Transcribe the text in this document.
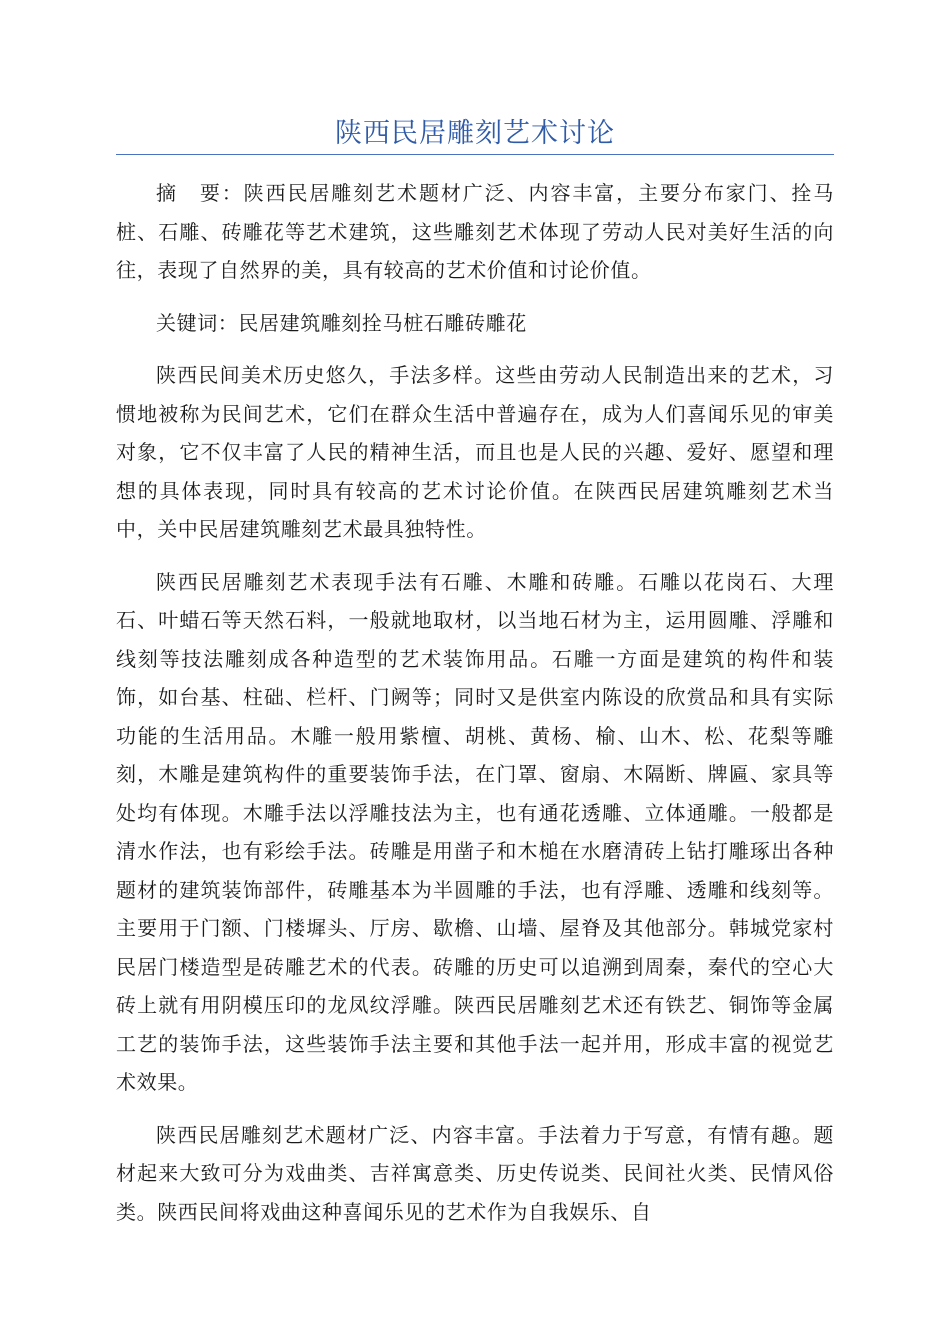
陕西民居雕刻艺术讨论

摘　要：陕西民居雕刻艺术题材广泛、内容丰富，主要分布家门、拴马桩、石雕、砖雕花等艺术建筑，这些雕刻艺术体现了劳动人民对美好生活的向往，表现了自然界的美，具有较高的艺术价值和讨论价值。

关键词：民居建筑雕刻拴马桩石雕砖雕花

陕西民间美术历史悠久，手法多样。这些由劳动人民制造出来的艺术，习惯地被称为民间艺术，它们在群众生活中普遍存在，成为人们喜闻乐见的审美对象，它不仅丰富了人民的精神生活，而且也是人民的兴趣、爱好、愿望和理想的具体表现，同时具有较高的艺术讨论价值。在陕西民居建筑雕刻艺术当中，关中民居建筑雕刻艺术最具独特性。

陕西民居雕刻艺术表现手法有石雕、木雕和砖雕。石雕以花岗石、大理石、叶蜡石等天然石料，一般就地取材，以当地石材为主，运用圆雕、浮雕和线刻等技法雕刻成各种造型的艺术装饰用品。石雕一方面是建筑的构件和装饰，如台基、柱础、栏杆、门阙等；同时又是供室内陈设的欣赏品和具有实际功能的生活用品。木雕一般用紫檀、胡桃、黄杨、榆、山木、松、花梨等雕刻，木雕是建筑构件的重要装饰手法，在门罩、窗扇、木隔断、牌匾、家具等处均有体现。木雕手法以浮雕技法为主，也有通花透雕、立体通雕。一般都是清水作法，也有彩绘手法。砖雕是用凿子和木槌在水磨清砖上钻打雕琢出各种题材的建筑装饰部件，砖雕基本为半圆雕的手法，也有浮雕、透雕和线刻等。主要用于门额、门楼墀头、厅房、歇檐、山墙、屋脊及其他部分。韩城党家村民居门楼造型是砖雕艺术的代表。砖雕的历史可以追溯到周秦，秦代的空心大砖上就有用阴模压印的龙凤纹浮雕。陕西民居雕刻艺术还有铁艺、铜饰等金属工艺的装饰手法，这些装饰手法主要和其他手法一起并用，形成丰富的视觉艺术效果。

陕西民居雕刻艺术题材广泛、内容丰富。手法着力于写意，有情有趣。题材起来大致可分为戏曲类、吉祥寓意类、历史传说类、民间社火类、民情风俗类。陕西民间将戏曲这种喜闻乐见的艺术作为自我娱乐、自
